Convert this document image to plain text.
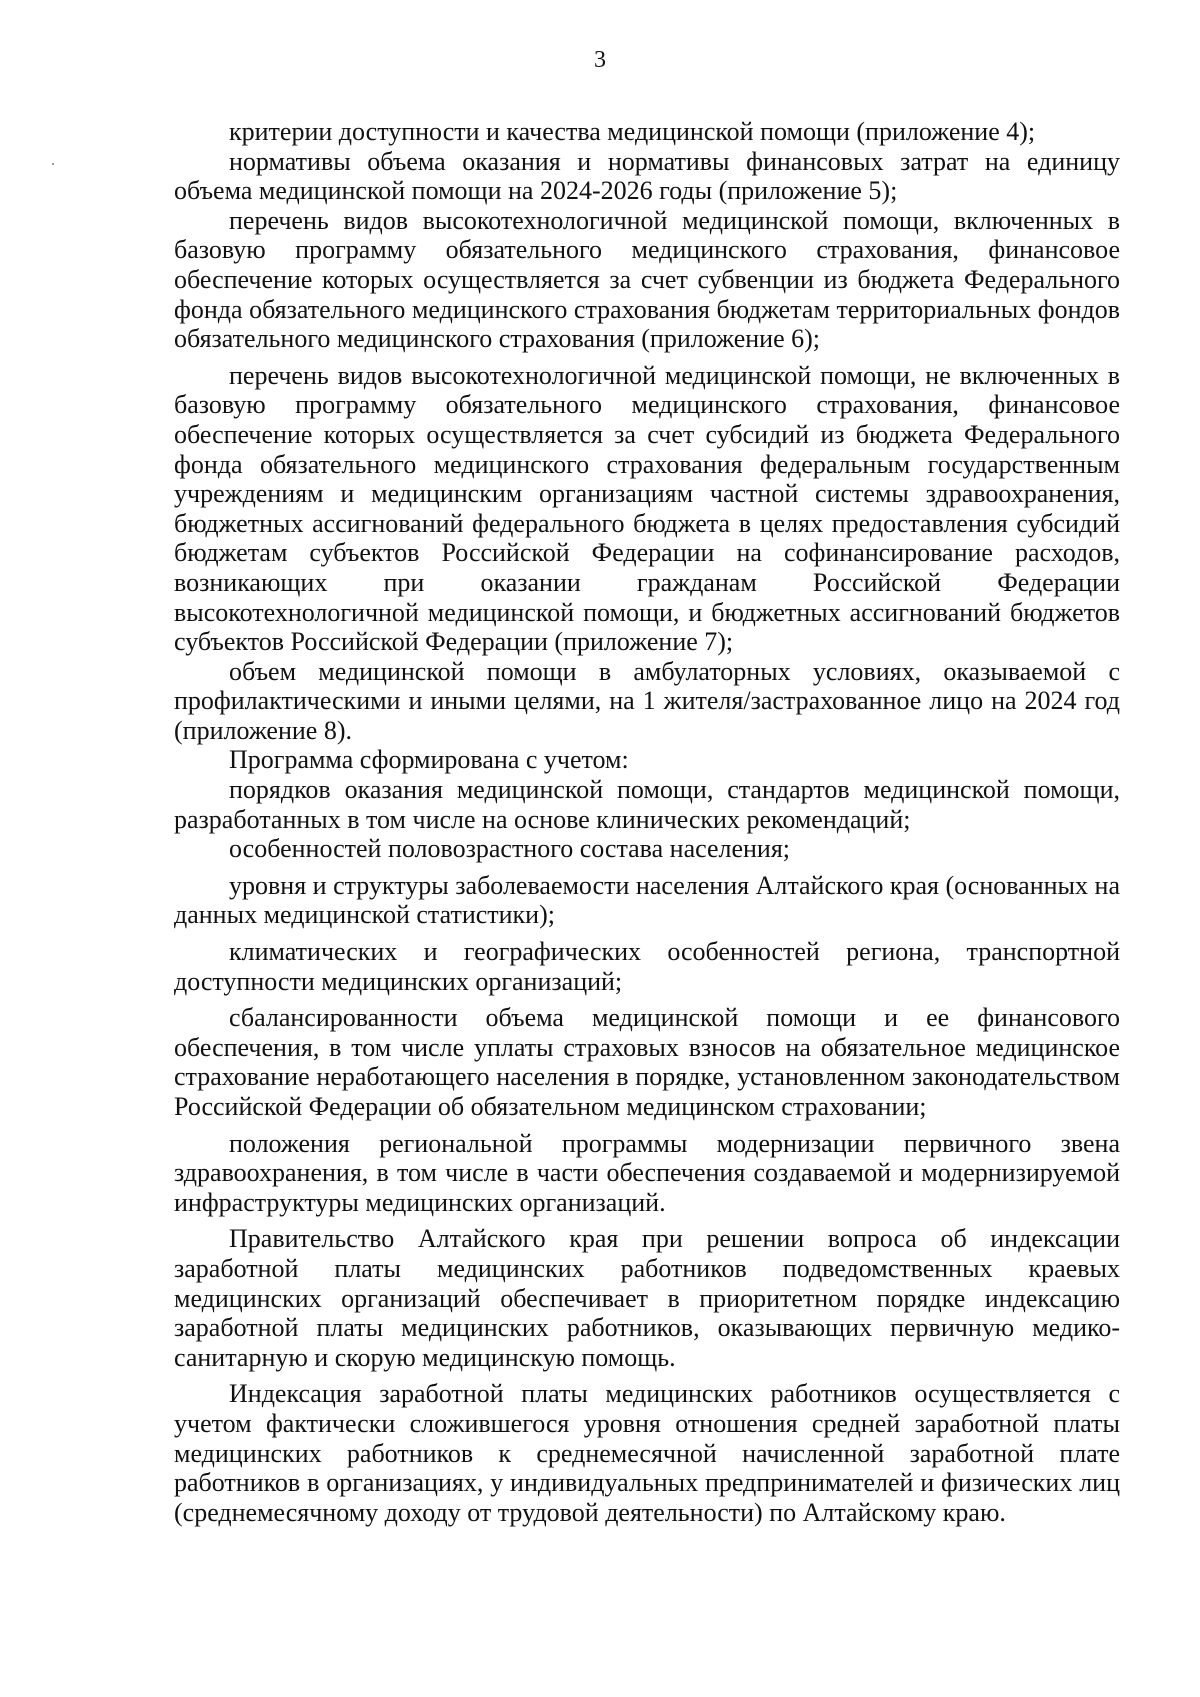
3

критерии доступности и качества медицинской помощи (приложение 4);

нормативы объема оказания и нормативы финансовых затрат на единицу объема медицинской помощи на 2024-2026 годы (приложение 5);

перечень видов высокотехнологичной медицинской помощи, включенных в базовую программу обязательного медицинского страхования, финансовое обеспечение которых осуществляется за счет субвенции из бюджета Федерального фонда обязательного медицинского страхования бюджетам территориальных фондов обязательного медицинского страхования (приложение 6);

перечень видов высокотехнологичной медицинской помощи, не включенных в базовую программу обязательного медицинского страхования, финансовое обеспечение которых осуществляется за счет субсидий из бюджета Федерального фонда обязательного медицинского страхования федеральным государственным учреждениям и медицинским организациям частной системы здравоохранения, бюджетных ассигнований федерального бюджета в целях предоставления субсидий бюджетам субъектов Российской Федерации на софинансирование расходов, возникающих при оказании гражданам Российской Федерации высокотехнологичной медицинской помощи, и бюджетных ассигнований бюджетов субъектов Российской Федерации (приложение 7);

объем медицинской помощи в амбулаторных условиях, оказываемой с профилактическими и иными целями, на 1 жителя/застрахованное лицо на 2024 год (приложение 8).

Программа сформирована с учетом:

порядков оказания медицинской помощи, стандартов медицинской помощи, разработанных в том числе на основе клинических рекомендаций;

особенностей половозрастного состава населения;

уровня и структуры заболеваемости населения Алтайского края (основанных на данных медицинской статистики);

климатических и географических особенностей региона, транспортной доступности медицинских организаций;

сбалансированности объема медицинской помощи и ее финансового обеспечения, в том числе уплаты страховых взносов на обязательное медицинское страхование неработающего населения в порядке, установленном законодательством Российской Федерации об обязательном медицинском страховании;

положения региональной программы модернизации первичного звена здравоохранения, в том числе в части обеспечения создаваемой и модернизируемой инфраструктуры медицинских организаций.

Правительство Алтайского края при решении вопроса об индексации заработной платы медицинских работников подведомственных краевых медицинских организаций обеспечивает в приоритетном порядке индексацию заработной платы медицинских работников, оказывающих первичную медико-санитарную и скорую медицинскую помощь.

Индексация заработной платы медицинских работников осуществляется с учетом фактически сложившегося уровня отношения средней заработной платы медицинских работников к среднемесячной начисленной заработной плате работников в организациях, у индивидуальных предпринимателей и физических лиц (среднемесячному доходу от трудовой деятельности) по Алтайскому краю.
